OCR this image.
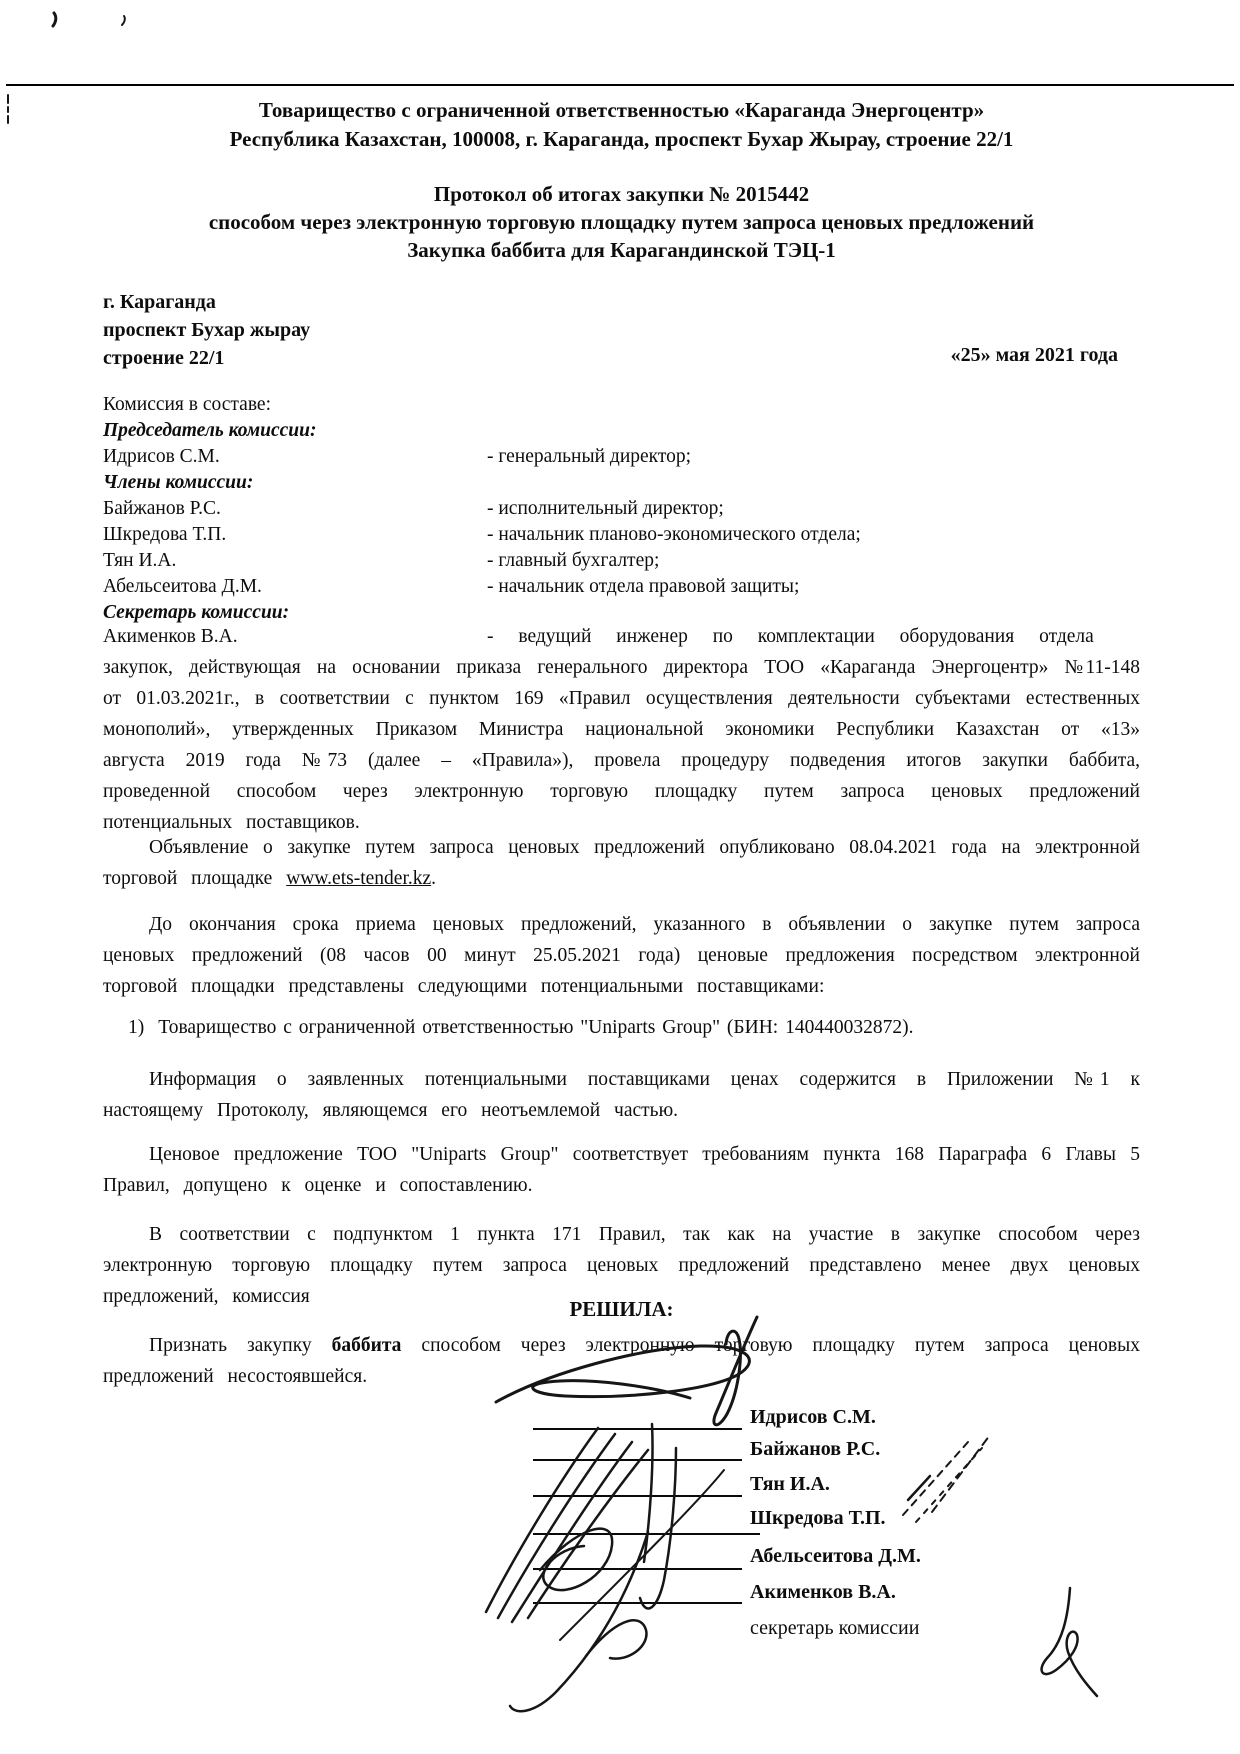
Товарищество с ограниченной ответственностью «Караганда Энергоцентр»
Республика Казахстан, 100008, г. Караганда, проспект Бухар Жырау, строение 22/1
Протокол об итогах закупки № 2015442
способом через электронную торговую площадку путем запроса ценовых предложений
Закупка баббита для Карагандинской ТЭЦ-1
г. Караганда
проспект Бухар жырау
строение 22/1	«25» мая 2021 года
Комиссия в составе:
Председатель комиссии:
Идрисов С.М.	- генеральный директор;
Члены комиссии:
Байжанов Р.С.	- исполнительный директор;
Шкредова Т.П.	- начальник планово-экономического отдела;
Тян И.А.	- главный бухгалтер;
Абельсеитова Д.М.	- начальник отдела правовой защиты;
Секретарь комиссии:
Акименков В.А.	- ведущий инженер по комплектации оборудования отдела
закупок, действующая на основании приказа генерального директора ТОО «Караганда Энергоцентр» №11-148 от 01.03.2021г., в соответствии с пунктом 169 «Правил осуществления деятельности субъектами естественных монополий», утвержденных Приказом Министра национальной экономики Республики Казахстан от «13» августа 2019 года №73 (далее – «Правила»), провела процедуру подведения итогов закупки баббита, проведенной способом через электронную торговую площадку путем запроса ценовых предложений потенциальных поставщиков.
Объявление о закупке путем запроса ценовых предложений опубликовано 08.04.2021 года на электронной торговой площадке www.ets-tender.kz.
До окончания срока приема ценовых предложений, указанного в объявлении о закупке путем запроса ценовых предложений (08 часов 00 минут 25.05.2021 года) ценовые предложения посредством электронной торговой площадки представлены следующими потенциальными поставщиками:
1) Товарищество с ограниченной ответственностью "Uniparts Group" (БИН: 140440032872).
Информация о заявленных потенциальными поставщиками ценах содержится в Приложении №1 к настоящему Протоколу, являющемся его неотъемлемой частью.
Ценовое предложение ТОО "Uniparts Group" соответствует требованиям пункта 168 Параграфа 6 Главы 5 Правил, допущено к оценке и сопоставлению.
В соответствии с подпунктом 1 пункта 171 Правил, так как на участие в закупке способом через электронную торговую площадку путем запроса ценовых предложений представлено менее двух ценовых предложений, комиссия
РЕШИЛА:
Признать закупку баббита способом через электронную торговую площадку путем запроса ценовых предложений несостоявшейся.
Идрисов С.М.
Байжанов Р.С.
Тян И.А.
Шкредова Т.П.
Абельсеитова Д.М.
Акименков В.А.
секретарь комиссии
